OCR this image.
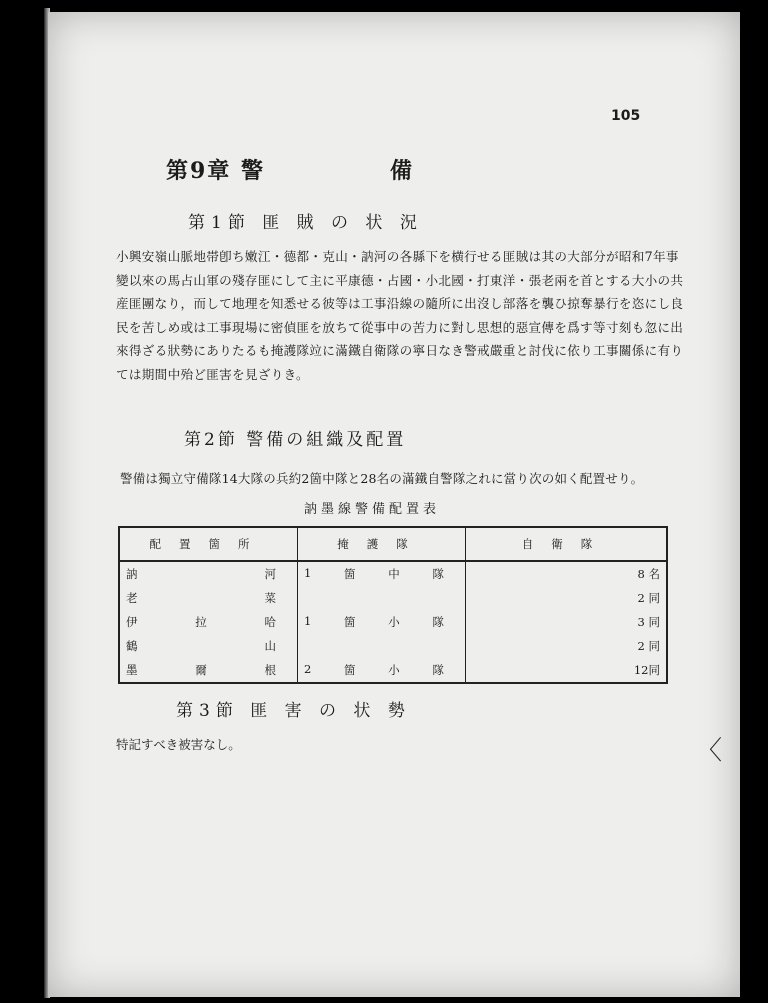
105
第9章 警	備
第1節 匪 賊 の 状 況
小興安嶺山脈地帯卽ち嫩江・德都・克山・訥河の各縣下を横行せる匪賊は其の大部分が昭和7年事變以來の馬占山軍の殘存匪にして主に平康德・占國・小北國・打東洋・張老兩を首とする大小の共産匪團なり，而して地理を知悉せる彼等は工事沿線の隨所に出沒し部落を襲ひ掠奪暴行を恣にし良民を苦しめ或は工事現場に密偵匪を放ちて從事中の苦力に對し思想的惡宣傳を爲す等寸刻も忽に出來得ざる狀勢にありたるも掩護隊竝に滿鐵自衛隊の寧日なき警戒嚴重と討伐に依り工事關係に有りては期間中殆ど匪害を見ざりき。
第2節 警備の組織及配置
警備は獨立守備隊14大隊の兵約2箇中隊と28名の滿鐵自警隊之れに當り次の如く配置せり。
訥墨線警備配置表
配置箇所	掩護隊	自衛隊

訥 河	1 箇 中 隊	8 名

老 菜		2 同

伊 拉 哈	1 箇 小 隊	3 同

鶴 山		2 同

墨 爾 根	2 箇 小 隊	12同
第3節 匪 害 の 状 勢
特記すべき被害なし。	〈
